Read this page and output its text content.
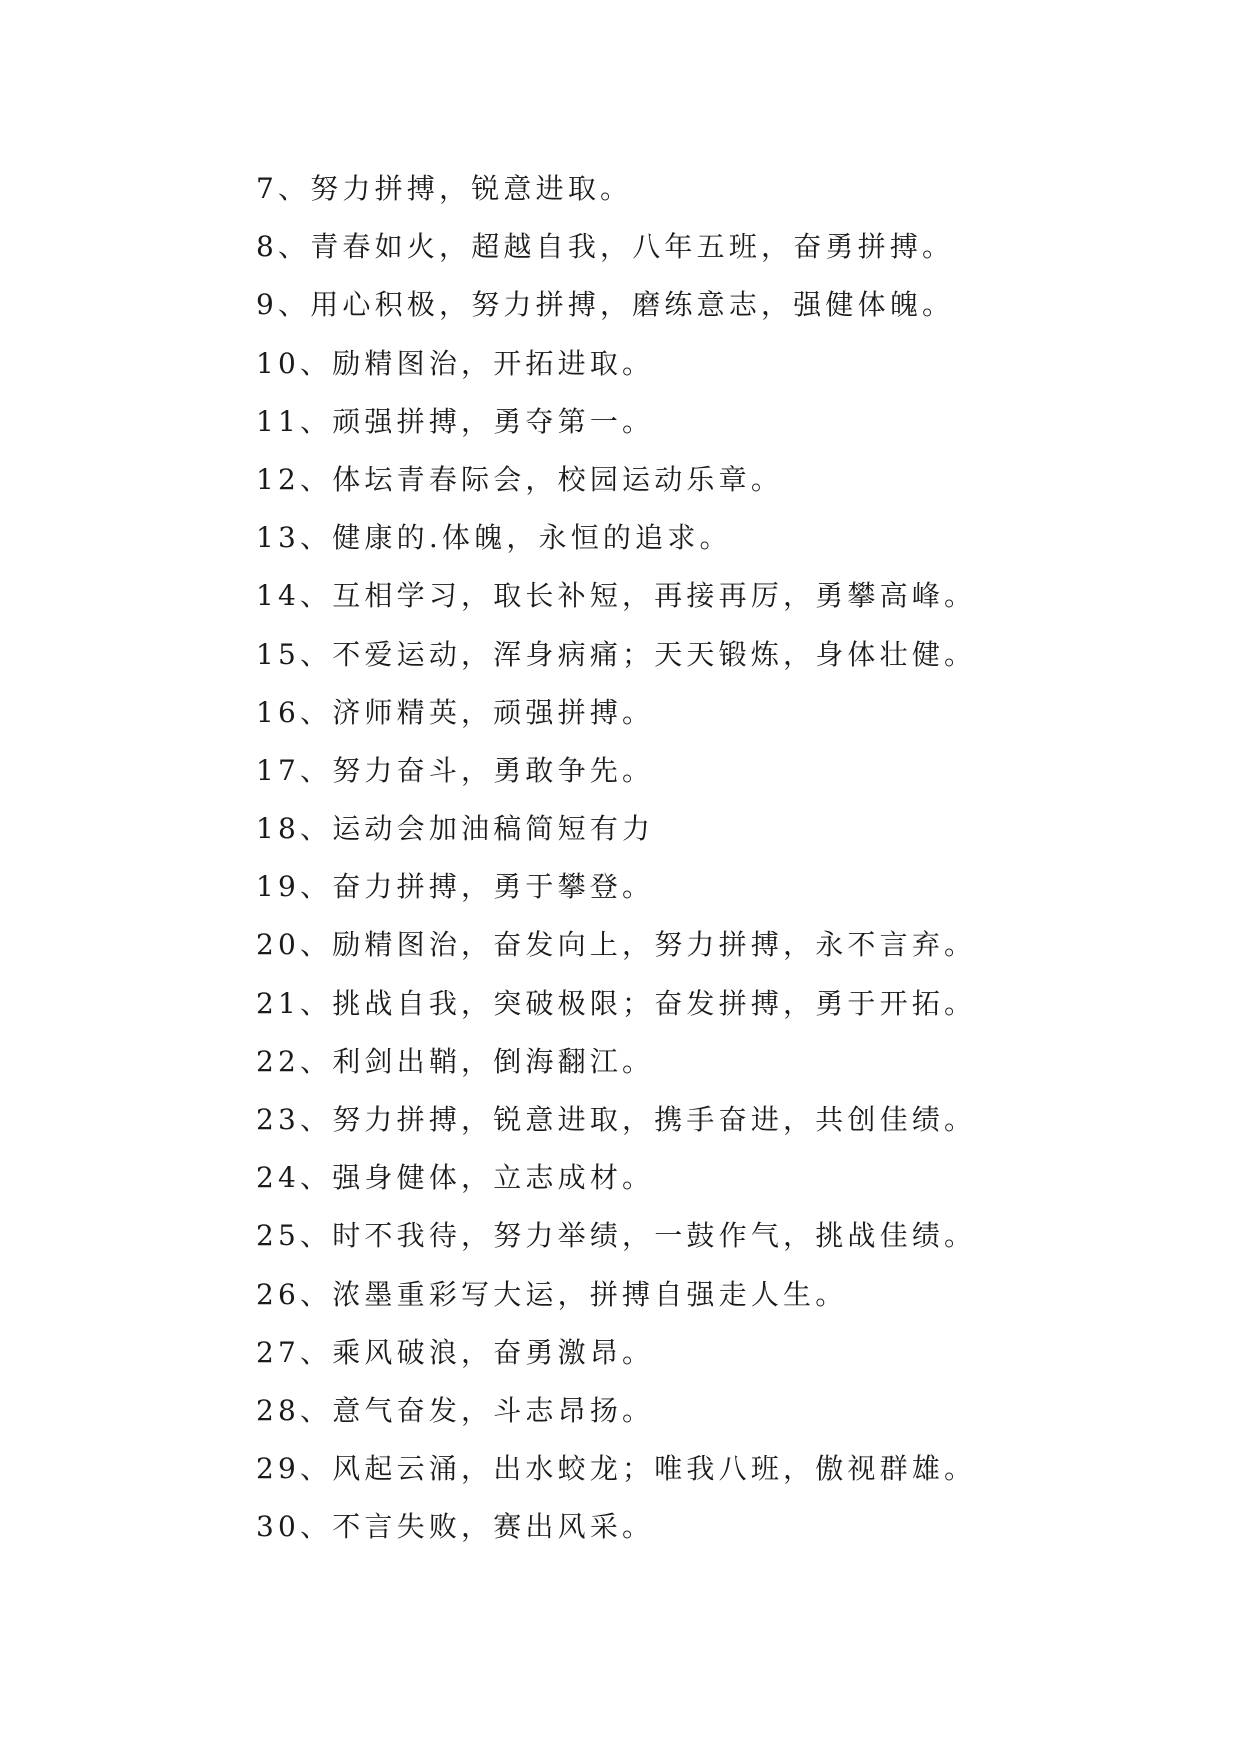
7、努力拼搏，锐意进取。
8、青春如火，超越自我，八年五班，奋勇拼搏。
9、用心积极，努力拼搏，磨练意志，强健体魄。
10、励精图治，开拓进取。
11、顽强拼搏，勇夺第一。
12、体坛青春际会，校园运动乐章。
13、健康的.体魄，永恒的追求。
14、互相学习，取长补短，再接再厉，勇攀高峰。
15、不爱运动，浑身病痛；天天锻炼，身体壮健。
16、济师精英，顽强拼搏。
17、努力奋斗，勇敢争先。
18、运动会加油稿简短有力
19、奋力拼搏，勇于攀登。
20、励精图治，奋发向上，努力拼搏，永不言弃。
21、挑战自我，突破极限；奋发拼搏，勇于开拓。
22、利剑出鞘，倒海翻江。
23、努力拼搏，锐意进取，携手奋进，共创佳绩。
24、强身健体，立志成材。
25、时不我待，努力举绩，一鼓作气，挑战佳绩。
26、浓墨重彩写大运，拼搏自强走人生。
27、乘风破浪，奋勇激昂。
28、意气奋发，斗志昂扬。
29、风起云涌，出水蛟龙；唯我八班，傲视群雄。
30、不言失败，赛出风采。
